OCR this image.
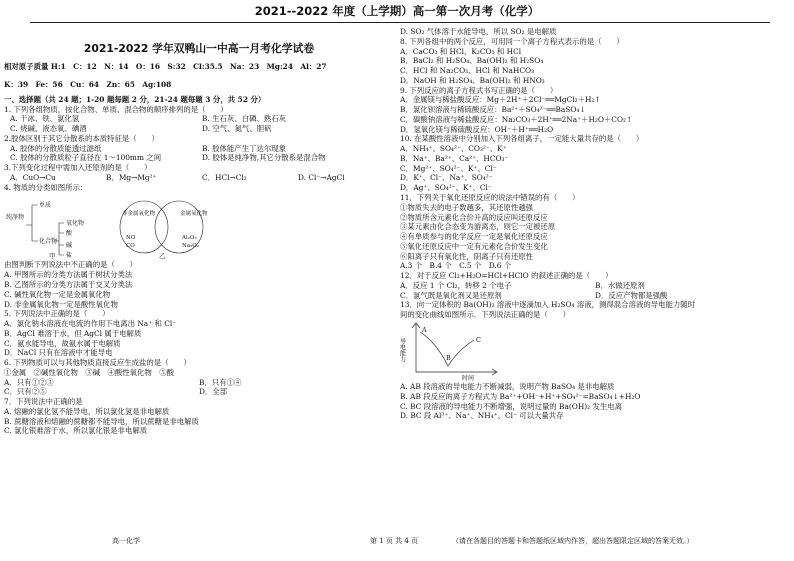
2021--2022 年度（上学期）高一第一次月考（化学）
2021-2022 学年双鸭山一中高一月考化学试卷
相对原子质量 H:1　C：12　N：14　O：16　S:32　Cl:35.5　Na：23　Mg:24　Al：27
K：39　Fe：56　Cu：64　Zn：65　Ag:108
一、选择题（共 24 题；1-20 题每题 2 分，21-24 题每题 3 分，共 52 分）
1. 下列各组物质，按化合物、单质、混合物的顺序排列的是（　　）
A. 干冰、铁、氯化氢	B. 生石灰、白磷、熟石灰
C. 烧碱、液态氧、碘酒	D. 空气、氮气、胆矾
2.胶体区别于其它分散系的本质特征是（　　）
A. 胶体的分散质能透过滤纸	B. 胶体能产生丁达尔现象
C. 胶体的分散质粒子直径在 1～100mm 之间	D. 胶体是纯净物,其它分散系是混合物
3.下列变化过程中需加入还原剂的是（　　）
A．CuO→Cu	B．Mg→Mg²⁺	C．HCl→Cl₂	D. Cl⁻→AgCl
4. 物质的分类如图所示：
纯净物
单质
化合物
氧化物
酸
碱
盐
非金属氧化物	金属氧化物
NO
CO
Al₂O₃
Na₂O₂
甲	乙
由图判断下列说法中不正确的是（　　）
A. 甲图所示的分类方法属于树状分类法
B. 乙图所示的分类方法属于交叉分类法
C. 碱性氧化物一定是金属氧化物
D. 非金属氧化物一定是酸性氧化物
5. 下列说法中正确的是（　　）
A．氯化钠水溶液在电流的作用下电离出 Na⁺ 和 Cl⁻
B．AgCl 难溶于水，但 AgCl 属于电解质
C．氨水能导电，故氨水属于电解质
D．NaCl 只有在溶液中才能导电
6. 下列物质可以与其他物质直接反应生成盐的是（　　）
①金属　②碱性氧化物　③碱　④酸性氧化物　⑤酸
A．只有①②③	B．只有①④
C．只有②⑤	D．全部
7．下列说法中正确的是
A. 熔融的氯化氢不能导电，所以氯化氢是非电解质
B. 蔗糖溶液和熔融的蔗糖都不能导电，所以蔗糖是非电解质
C. 氯化银难溶于水，所以氯化银是非电解质
D. SO₂ 气体溶于水能导电，所以 SO₂ 是电解质
8. 下列各组中的两个反应，可用同一个离子方程式表示的是（　　）
A．CaCO₃ 和 HCl、K₂CO₃ 和 HCl
B．BaCl₂ 和 H₂SO₄、Ba(OH)₂ 和 H₂SO₄
C．HCl 和 Na₂CO₃、HCl 和 NaHCO₃
D．NaOH 和 H₂SO₄、Ba(OH)₂ 和 HNO₃
9. 下列反应的离子方程式书写正确的是（　　）
A．金属镁与稀盐酸反应：Mg＋2H⁺＋2Cl⁻══MgCl₂＋H₂↑
B．氯化钡溶液与稀硫酸反应：Ba²⁺＋SO₄²⁻══BaSO₄↓
C．碳酸钠溶液与稀盐酸反应：Na₂CO₃＋2H⁺══2Na⁺＋H₂O＋CO₂↑
D．氢氧化镁与稀硫酸反应：OH⁻＋H⁺══H₂O
10. 在某酸性溶液中分别加入下列各组离子，一定能大量共存的是（　　）
A．NH₄⁺、SO₄²⁻、CO₃²⁻、K⁺
B．Na⁺、Ba²⁺、Ca²⁺、HCO₃⁻
C．Mg²⁺、SO₄²⁻、K⁺、Cl⁻
D．K⁺、Cl⁻、Na⁺、SO₄²⁻
D．Ag⁺、SO₄²⁻、K⁺、Cl⁻
11．下列关于氧化还原反应的说法中错误的有（　　）
①物质失去的电子数越多，其还原性越强
②物质所含元素化合价升高的反应叫还原反应
③某元素由化合态变为游离态，则它一定被还原
④有单质参与的化学反应一定是氧化还原反应
⑤氧化还原反应中一定有元素化合价发生变化
⑥阳离子只有氧化性，阴离子只有还原性
A.3 个　B.4 个　C.5 个　D.6 个
12．对于反应 Cl₂+H₂O=HCl+HClO 的叙述正确的是（　　）
A．反应 1 个 Cl₂，转移 2 个电子	B．水做还原剂
C．氯气既是氧化剂又是还原剂	D．反应产物都是强酸
13．向一定体积的 Ba(OH)₂ 溶液中逐滴加入 H₂SO₄ 溶液，测得混合溶液的导电能力随时
间的变化曲线如图所示．下列说法正确的是（　　）
A
B
C
时间
导电能力
A. AB 段溶液的导电能力不断减弱，说明产物 BaSO₄ 是非电解质
B. AB 段反应的离子方程式为 Ba²⁺+OH⁻+H⁺+SO₄²⁻=BaSO₄↓+H₂O
C. BC 段溶液的导电能力不断增强，说明过量的 Ba(OH)₂ 发生电离
D. BC 段 Al³⁺、Na⁺、NH₄⁺、Cl⁻ 可以大量共存
高一化学	第 1 页 共 4 页	（请在各题目的答题卡和答题纸区域内作答，超出答题限定区域的答案无效。）
